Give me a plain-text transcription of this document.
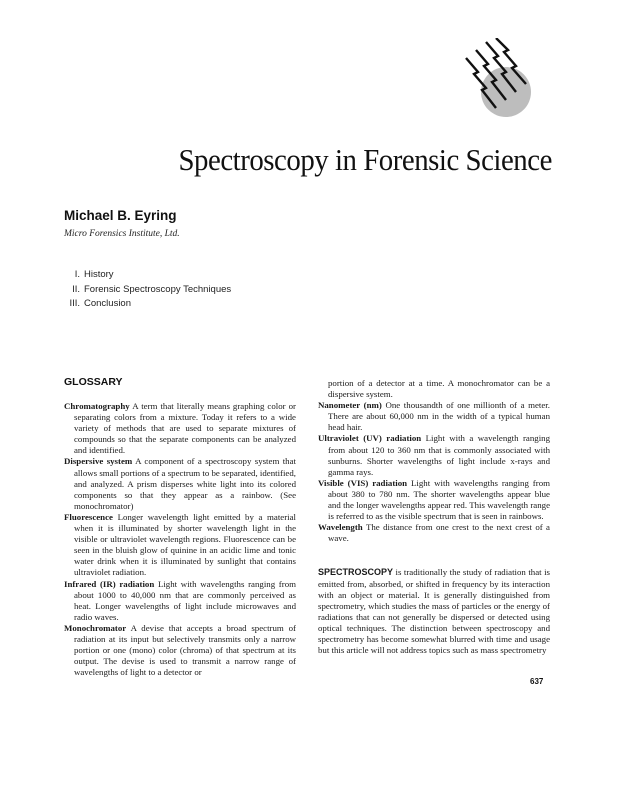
Spectroscopy in Forensic Science
Michael B. Eyring
Micro Forensics Institute, Ltd.
I. History
II. Forensic Spectroscopy Techniques
III. Conclusion
GLOSSARY

Chromatography A term that literally means graphing color or separating colors from a mixture. Today it refers to a wide variety of methods that are used to separate mixtures of compounds so that the separate components can be analyzed and identified.

Dispersive system A component of a spectroscopy system that allows small portions of a spectrum to be separated, identified, and analyzed. A prism disperses white light into its colored components so that they appear as a rainbow. (See monochromator)

Fluorescence Longer wavelength light emitted by a material when it is illuminated by shorter wavelength light in the visible or ultraviolet wavelength regions. Fluorescence can be seen in the bluish glow of quinine in an acidic lime and tonic water drink when it is illuminated by sunlight that contains ultraviolet radiation.

Infrared (IR) radiation Light with wavelengths ranging from about 1000 to 40,000 nm that are commonly perceived as heat. Longer wavelengths of light include microwaves and radio waves.

Monochromator A devise that accepts a broad spectrum of radiation at its input but selectively transmits only a narrow portion or one (mono) color (chroma) of that spectrum at its output. The devise is used to transmit a narrow range of wavelengths of light to a detector or

portion of a detector at a time. A monochromator can be a dispersive system.

Nanometer (nm) One thousandth of one millionth of a meter. There are about 60,000 nm in the width of a typical human head hair.

Ultraviolet (UV) radiation Light with a wavelength ranging from about 120 to 360 nm that is commonly associated with sunburns. Shorter wavelengths of light include x-rays and gamma rays.

Visible (VIS) radiation Light with wavelengths ranging from about 380 to 780 nm. The shorter wavelengths appear blue and the longer wavelengths appear red. This wavelength range is referred to as the visible spectrum that is seen in rainbows.

Wavelength The distance from one crest to the next crest of a wave.

SPECTROSCOPY is traditionally the study of radiation that is emitted from, absorbed, or shifted in frequency by its interaction with an object or material. It is generally distinguished from spectrometry, which studies the mass of particles or the energy of radiations that can not generally be dispersed or detected using optical techniques. The distinction between spectroscopy and spectrometry has become somewhat blurred with time and usage but this article will not address topics such as mass spectrometry

637
